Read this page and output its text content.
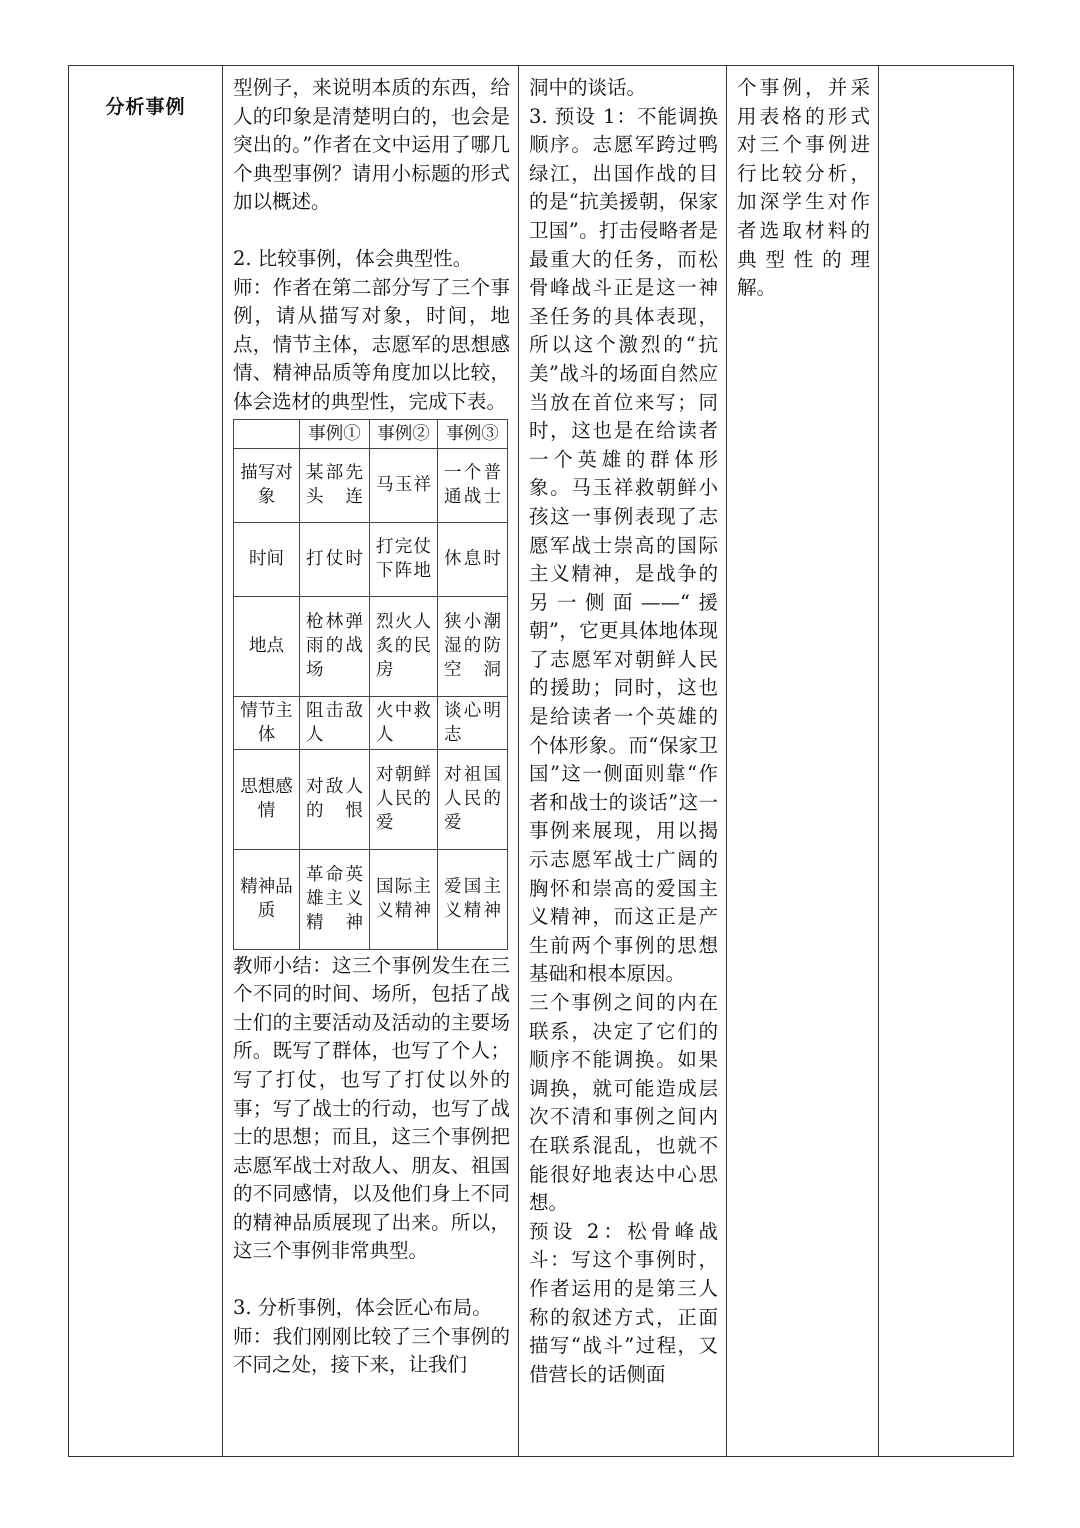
分析事例

型例子，来说明本质的东西，给人的印象是清楚明白的，也会是突出的。”作者在文中运用了哪几个典型事例？请用小标题的形式加以概述。

2. 比较事例，体会典型性。

师：作者在第二部分写了三个事例，请从描写对象，时间，地点，情节主体，志愿军的思想感情、精神品质等角度加以比较，体会选材的典型性，完成下表。

	事例①	事例②	事例③
描写对象	某部先头连	马玉祥	一个普通战士
时间	打仗时	打完仗下阵地	休息时
地点	枪林弹雨的战场	烈火人炙的民房	狭小潮湿的防空洞
情节主体	阻击敌人	火中救人	谈心明志
思想感情	对敌人的恨	对朝鲜人民的爱	对祖国人民的爱
精神品质	革命英雄主义精神	国际主义精神	爱国主义精神

教师小结：这三个事例发生在三个不同的时间、场所，包括了战士们的主要活动及活动的主要场所。既写了群体，也写了个人；写了打仗，也写了打仗以外的事；写了战士的行动，也写了战士的思想；而且，这三个事例把志愿军战士对敌人、朋友、祖国的不同感情，以及他们身上不同的精神品质展现了出来。所以，这三个事例非常典型。

3. 分析事例，体会匠心布局。

师：我们刚刚比较了三个事例的不同之处，接下来，让我们

洞中的谈话。

3. 预设 1：不能调换顺序。志愿军跨过鸭绿江，出国作战的目的是“抗美援朝，保家卫国”。打击侵略者是最重大的任务，而松骨峰战斗正是这一神圣任务的具体表现，所以这个激烈的“抗美”战斗的场面自然应当放在首位来写；同时，这也是在给读者一个英雄的群体形象。马玉祥救朝鲜小孩这一事例表现了志愿军战士崇高的国际主义精神，是战争的另一侧面——“援朝”，它更具体地体现了志愿军对朝鲜人民的援助；同时，这也是给读者一个英雄的个体形象。而“保家卫国”这一侧面则靠“作者和战士的谈话”这一事例来展现，用以揭示志愿军战士广阔的胸怀和崇高的爱国主义精神，而这正是产生前两个事例的思想基础和根本原因。

三个事例之间的内在联系，决定了它们的顺序不能调换。如果调换，就可能造成层次不清和事例之间内在联系混乱，也就不能很好地表达中心思想。

预设 2：松骨峰战斗：写这个事例时，作者运用的是第三人称的叙述方式，正面描写“战斗”过程，又借营长的话侧面

个事例，并采用表格的形式对三个事例进行比较分析，加深学生对作者选取材料的典型性的理解。
